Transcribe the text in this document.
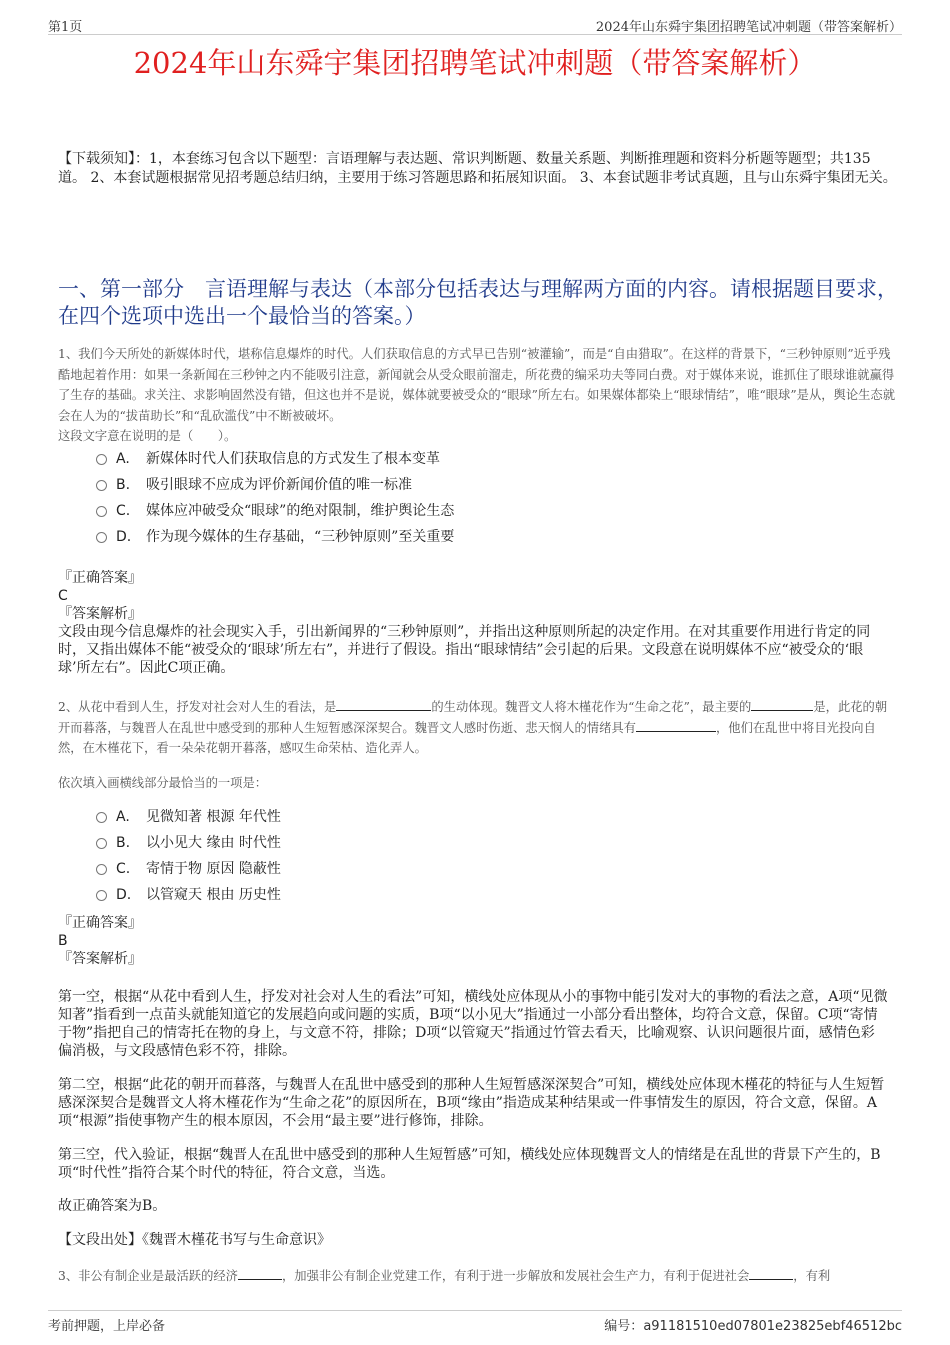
第1页	2024年山东舜宇集团招聘笔试冲刺题（带答案解析）
2024年山东舜宇集团招聘笔试冲刺题（带答案解析）
【下载须知】：1，本套练习包含以下题型：言语理解与表达题、常识判断题、数量关系题、判断推理题和资料分析题等题型；共135道。 2、本套试题根据常见招考题总结归纳，主要用于练习答题思路和拓展知识面。 3、本套试题非考试真题，且与山东舜宇集团无关。
一、第一部分　言语理解与表达（本部分包括表达与理解两方面的内容。请根据题目要求，在四个选项中选出一个最恰当的答案。）
1、我们今天所处的新媒体时代，堪称信息爆炸的时代。人们获取信息的方式早已告别“被灌输”，而是“自由猎取”。在这样的背景下，“三秒钟原则”近乎残酷地起着作用：如果一条新闻在三秒钟之内不能吸引注意，新闻就会从受众眼前溜走，所花费的编采功夫等同白费。对于媒体来说，谁抓住了眼球谁就赢得了生存的基础。求关注、求影响固然没有错，但这也并不是说，媒体就要被受众的“眼球”所左右。如果媒体都染上“眼球情结”，唯“眼球”是从，舆论生态就会在人为的“拔苗助长”和“乱砍滥伐”中不断被破坏。
这段文字意在说明的是（　　）。
A. 新媒体时代人们获取信息的方式发生了根本变革
B. 吸引眼球不应成为评价新闻价值的唯一标准
C. 媒体应冲破受众“眼球”的绝对限制，维护舆论生态
D. 作为现今媒体的生存基础，“三秒钟原则”至关重要

『正确答案』

C

『答案解析』

文段由现今信息爆炸的社会现实入手，引出新闻界的“三秒钟原则”，并指出这种原则所起的决定作用。在对其重要作用进行肯定的同时，又指出媒体不能“被受众的‘眼球’所左右”，并进行了假设。指出“眼球情结”会引起的后果。文段意在说明媒体不应“被受众的‘眼球’所左右”。因此C项正确。

2、从花中看到人生，抒发对社会对人生的看法，是	的生动体现。魏晋文人将木槿花作为“生命之花”，最主要的	是，此花的朝开而暮落，与魏晋人在乱世中感受到的那种人生短暂感深深契合。魏晋文人感时伤逝、悲天悯人的情绪具有	，他们在乱世中将目光投向自然，在木槿花下，看一朵朵花朝开暮落，感叹生命荣枯、造化弄人。
依次填入画横线部分最恰当的一项是：
A. 见微知著 根源 年代性
B. 以小见大 缘由 时代性
C. 寄情于物 原因 隐蔽性
D. 以管窥天 根由 历史性

『正确答案』

B

『答案解析』

第一空，根据“从花中看到人生，抒发对社会对人生的看法”可知，横线处应体现从小的事物中能引发对大的事物的看法之意，A项“见微知著”指看到一点苗头就能知道它的发展趋向或问题的实质，B项“以小见大”指通过一小部分看出整体，均符合文意，保留。C项“寄情于物”指把自己的情寄托在物的身上，与文意不符，排除；D项“以管窥天”指通过竹管去看天，比喻观察、认识问题很片面，感情色彩偏消极，与文段感情色彩不符，排除。
第二空，根据“此花的朝开而暮落，与魏晋人在乱世中感受到的那种人生短暂感深深契合”可知，横线处应体现木槿花的特征与人生短暂感深深契合是魏晋文人将木槿花作为“生命之花”的原因所在，B项“缘由”指造成某种结果或一件事情发生的原因，符合文意，保留。A项“根源”指使事物产生的根本原因，不会用“最主要”进行修饰，排除。
第三空，代入验证，根据“魏晋人在乱世中感受到的那种人生短暂感”可知，横线处应体现魏晋文人的情绪是在乱世的背景下产生的，B项“时代性”指符合某个时代的特征，符合文意，当选。
故正确答案为B。
【文段出处】《魏晋木槿花书写与生命意识》
3、非公有制企业是最活跃的经济	，加强非公有制企业党建工作，有利于进一步解放和发展社会生产力，有利于促进社会	，有利
考前押题，上岸必备	编号：a91181510ed07801e23825ebf46512bc
